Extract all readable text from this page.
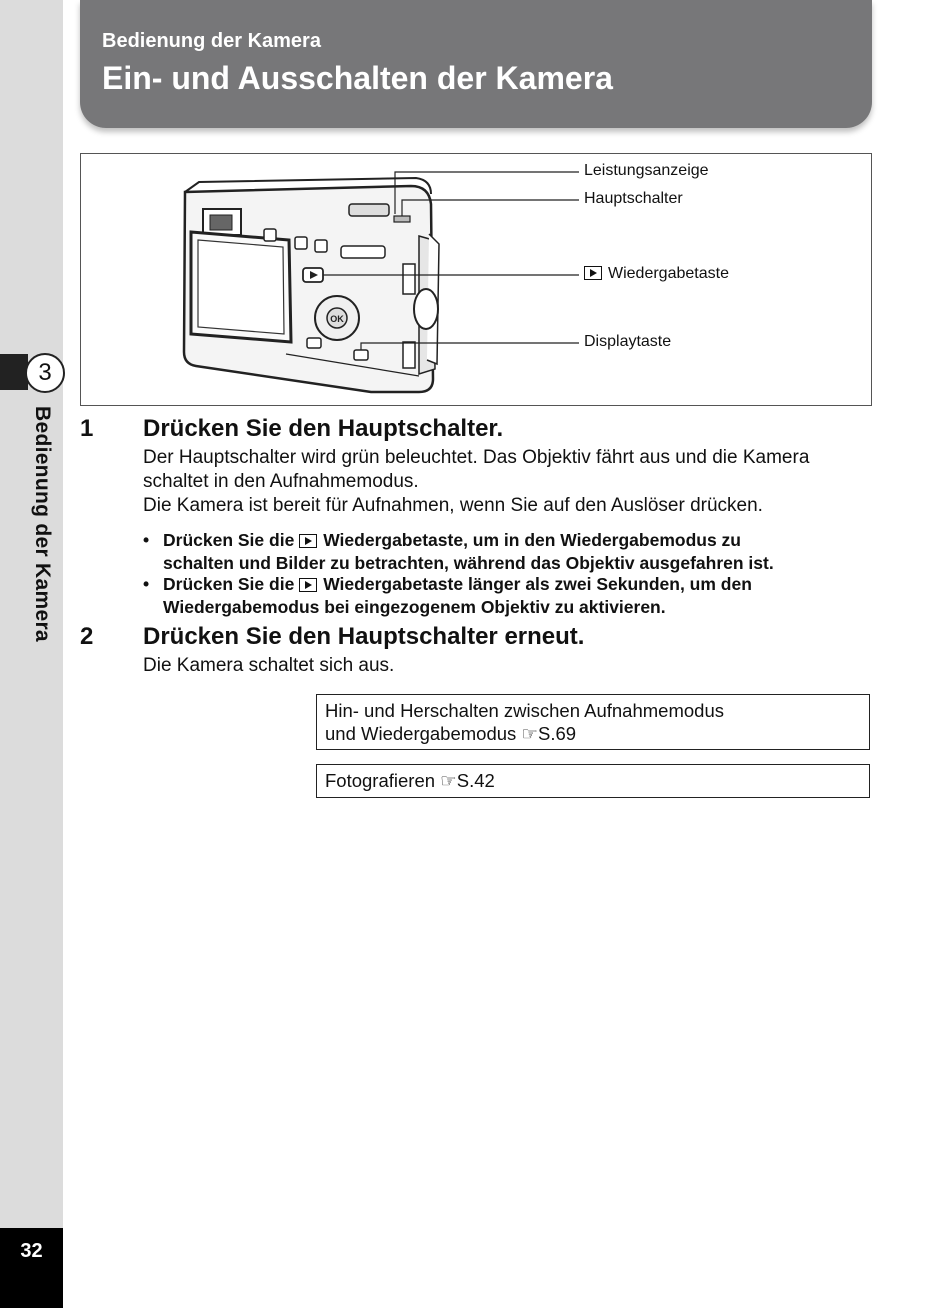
3
Bedienung der Kamera
32
Bedienung der Kamera
Ein- und Ausschalten der Kamera
OK
Leistungsanzeige
Hauptschalter
Wiedergabetaste
Displaytaste
1 Drücken Sie den Hauptschalter.
Der Hauptschalter wird grün beleuchtet. Das Objektiv fährt aus und die Kamera
schaltet in den Aufnahmemodus.
Die Kamera ist bereit für Aufnahmen, wenn Sie auf den Auslöser drücken.
• Drücken Sie die Wiedergabetaste, um in den Wiedergabemodus zu
schalten und Bilder zu betrachten, während das Objektiv ausgefahren ist.
• Drücken Sie die Wiedergabetaste länger als zwei Sekunden, um den
Wiedergabemodus bei eingezogenem Objektiv zu aktivieren.
2 Drücken Sie den Hauptschalter erneut.
Die Kamera schaltet sich aus.
Hin- und Herschalten zwischen Aufnahmemodus
und Wiedergabemodus ☞S.69
Fotografieren ☞S.42
